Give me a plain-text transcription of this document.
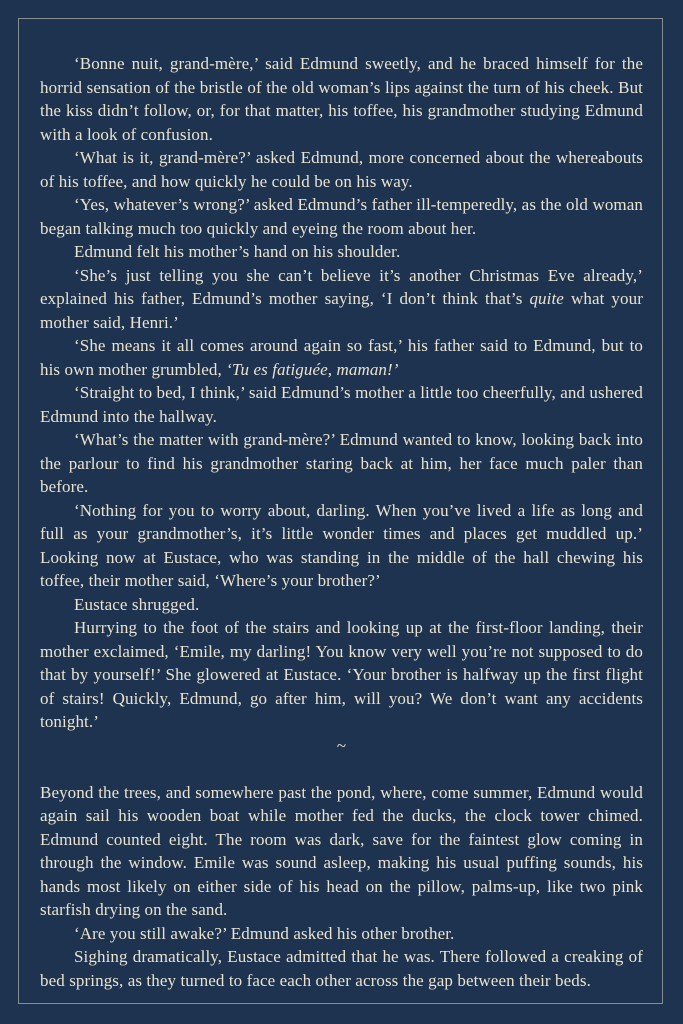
‘Bonne nuit, grand-mère,’ said Edmund sweetly, and he braced himself for the horrid sensation of the bristle of the old woman’s lips against the turn of his cheek. But the kiss didn’t follow, or, for that matter, his toffee, his grandmother studying Edmund with a look of confusion.

‘What is it, grand-mère?’ asked Edmund, more concerned about the whereabouts of his toffee, and how quickly he could be on his way.

‘Yes, whatever’s wrong?’ asked Edmund’s father ill-temperedly, as the old woman began talking much too quickly and eyeing the room about her.

Edmund felt his mother’s hand on his shoulder.

‘She’s just telling you she can’t believe it’s another Christmas Eve already,’ explained his father, Edmund’s mother saying, ‘I don’t think that’s quite what your mother said, Henri.’

‘She means it all comes around again so fast,’ his father said to Edmund, but to his own mother grumbled, ‘Tu es fatiguée, maman!’

‘Straight to bed, I think,’ said Edmund’s mother a little too cheerfully, and ushered Edmund into the hallway.

‘What’s the matter with grand-mère?’ Edmund wanted to know, looking back into the parlour to find his grandmother staring back at him, her face much paler than before.

‘Nothing for you to worry about, darling. When you’ve lived a life as long and full as your grandmother’s, it’s little wonder times and places get muddled up.’ Looking now at Eustace, who was standing in the middle of the hall chewing his toffee, their mother said, ‘Where’s your brother?’

Eustace shrugged.

Hurrying to the foot of the stairs and looking up at the first-floor landing, their mother exclaimed, ‘Emile, my darling! You know very well you’re not supposed to do that by yourself!’ She glowered at Eustace. ‘Your brother is halfway up the first flight of stairs! Quickly, Edmund, go after him, will you? We don’t want any accidents tonight.’

~

Beyond the trees, and somewhere past the pond, where, come summer, Edmund would again sail his wooden boat while mother fed the ducks, the clock tower chimed. Edmund counted eight. The room was dark, save for the faintest glow coming in through the window. Emile was sound asleep, making his usual puffing sounds, his hands most likely on either side of his head on the pillow, palms-up, like two pink starfish drying on the sand.

‘Are you still awake?’ Edmund asked his other brother.

Sighing dramatically, Eustace admitted that he was. There followed a creaking of bed springs, as they turned to face each other across the gap between their beds.
